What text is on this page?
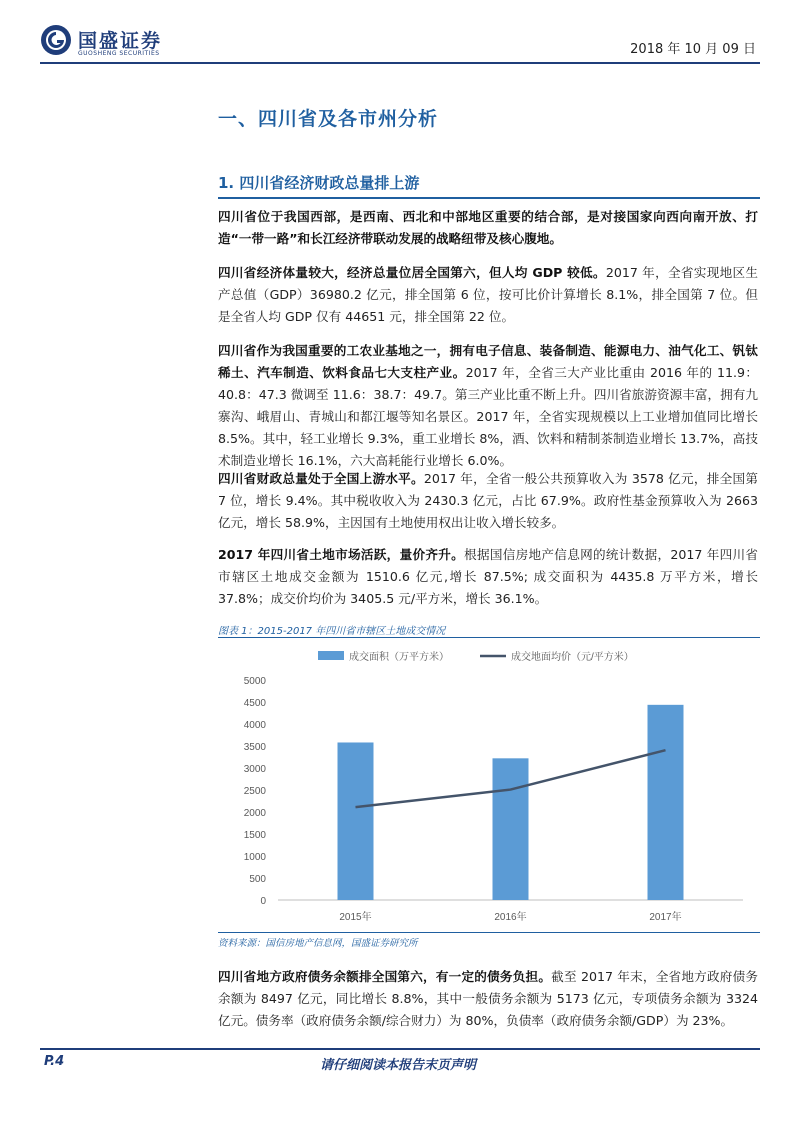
国盛证券
GUOSHENG SECURITIES	2018 年 10 月 09 日
一、四川省及各市州分析
1. 四川省经济财政总量排上游

四川省位于我国西部，是西南、西北和中部地区重要的结合部，是对接国家向西向南开放、打造“一带一路”和长江经济带联动发展的战略纽带及核心腹地。

四川省经济体量较大，经济总量位居全国第六，但人均 GDP 较低。2017 年，全省实现地区生产总值（GDP）36980.2 亿元，排全国第 6 位，按可比价计算增长 8.1%，排全国第 7 位。但是全省人均 GDP 仅有 44651 元，排全国第 22 位。

四川省作为我国重要的工农业基地之一，拥有电子信息、装备制造、能源电力、油气化工、钒钛稀土、汽车制造、饮料食品七大支柱产业。2017 年，全省三大产业比重由 2016 年的 11.9：40.8：47.3 微调至 11.6：38.7：49.7。第三产业比重不断上升。四川省旅游资源丰富，拥有九寨沟、峨眉山、青城山和都江堰等知名景区。2017 年，全省实现规模以上工业增加值同比增长 8.5%。其中，轻工业增长 9.3%，重工业增长 8%，酒、饮料和精制茶制造业增长 13.7%，高技术制造业增长 16.1%，六大高耗能行业增长 6.0%。

四川省财政总量处于全国上游水平。2017 年，全省一般公共预算收入为 3578 亿元，排全国第 7 位，增长 9.4%。其中税收收入为 2430.3 亿元，占比 67.9%。政府性基金预算收入为 2663 亿元，增长 58.9%，主因国有土地使用权出让收入增长较多。

2017 年四川省土地市场活跃，量价齐升。根据国信房地产信息网的统计数据，2017 年四川省市辖区土地成交金额为 1510.6 亿元,增长 87.5%; 成交面积为 4435.8 万平方米，增长 37.8%；成交价均价为 3405.5 元/平方米，增长 36.1%。

图表 1：2015-2017 年四川省市辖区土地成交情况
0
500
1000
1500
2000
2500
3000
3500
4000
4500
5000
2015年	2016年	2017年
成交面积（万平方米）	成交地面均价（元/平方米）
资料来源：国信房地产信息网，国盛证券研究所

四川省地方政府债务余额排全国第六，有一定的债务负担。截至 2017 年末，全省地方政府债务余额为 8497 亿元，同比增长 8.8%，其中一般债务余额为 5173 亿元，专项债务余额为 3324 亿元。债务率（政府债务余额/综合财力）为 80%，负债率（政府债务余额/GDP）为 23%。

P.4	请仔细阅读本报告末页声明
